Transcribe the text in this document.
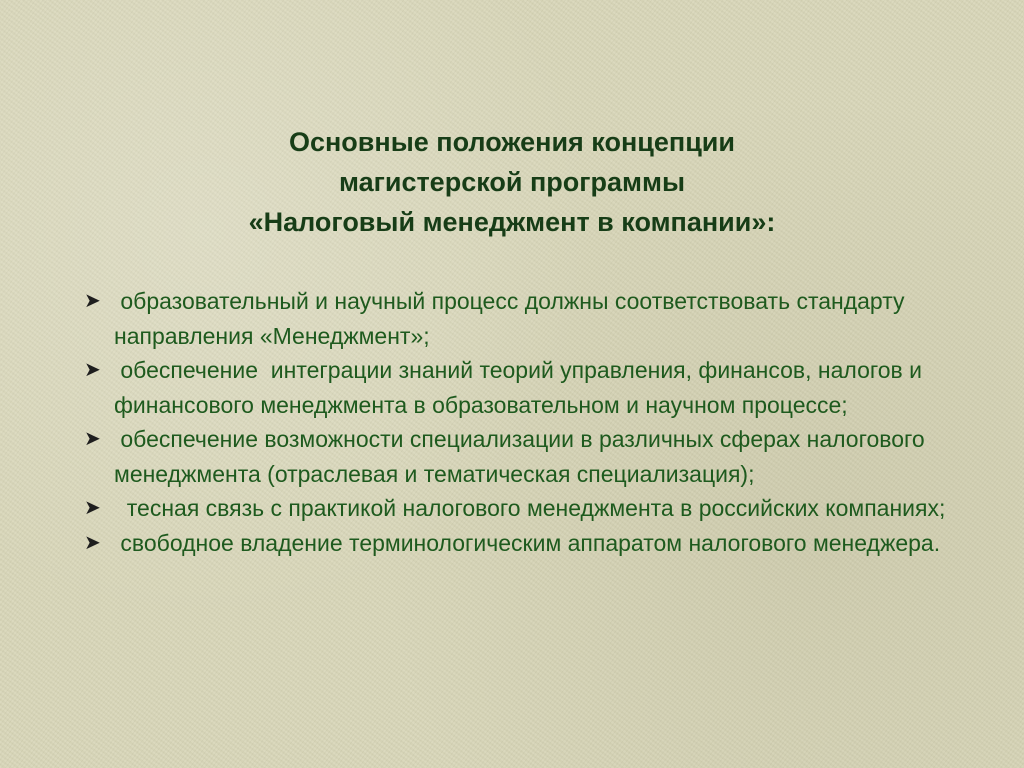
Основные положения концепции
магистерской программы
«Налоговый менеджмент в компании»:
➤ образовательный и научный процесс должны соответствовать стандарту направления «Менеджмент»;
➤ обеспечение  интеграции знаний теорий управления, финансов, налогов и финансового менеджмента в образовательном и научном процессе;
➤ обеспечение возможности специализации в различных сферах налогового менеджмента (отраслевая и тематическая специализация);
➤ тесная связь с практикой налогового менеджмента в российских компаниях;
➤ свободное владение терминологическим аппаратом налогового менеджера.
